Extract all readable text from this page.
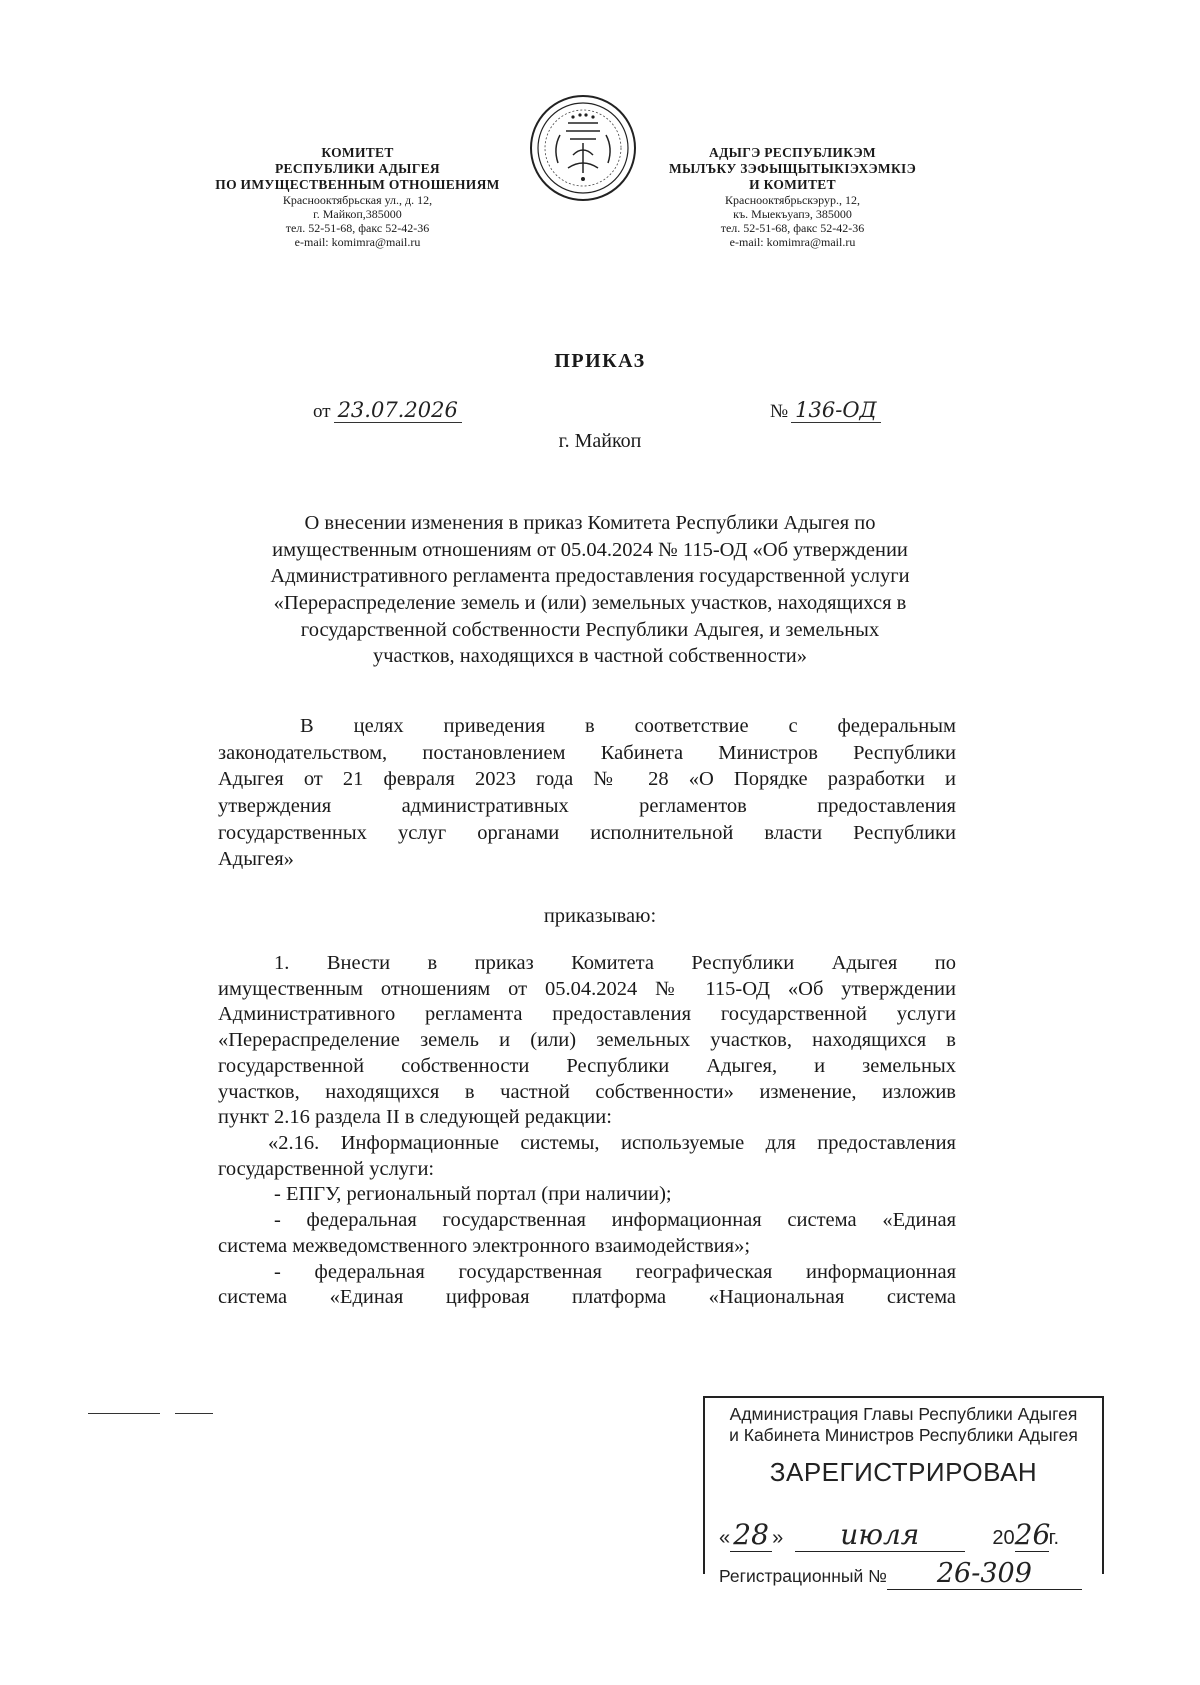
КОМИТЕТ
РЕСПУБЛИКИ АДЫГЕЯ
ПО ИМУЩЕСТВЕННЫМ ОТНОШЕНИЯМ
Краснооктябрьская ул., д. 12,
г. Майкоп,385000
тел. 52-51-68, факс 52-42-36
e-mail: komimra@mail.ru
АДЫГЭ РЕСПУБЛИКЭМ
МЫЛЪКУ ЗЭФЫЩЫТЫКIЭХЭМКIЭ
И КОМИТЕТ
Краснооктябрьскэрур., 12,
къ. Мыекъуапэ, 385000
тел. 52-51-68, факс 52-42-36
e-mail: komimra@mail.ru
ПРИКАЗ
от 23.07.2026	№ 136-ОД
г. Майкоп
О внесении изменения в приказ Комитета Республики Адыгея по
имущественным отношениям от 05.04.2024 № 115-ОД «Об утверждении
Административного регламента предоставления государственной услуги
«Перераспределение земель и (или) земельных участков, находящихся в
государственной собственности Республики Адыгея, и земельных
участков, находящихся в частной собственности»
В целях приведения в соответствие с федеральным
законодательством, постановлением Кабинета Министров Республики
Адыгея от 21 февраля 2023 года № 28 «О Порядке разработки и
утверждения административных регламентов предоставления
государственных услуг органами исполнительной власти Республики
Адыгея»
приказываю:
1. Внести в приказ Комитета Республики Адыгея по
имущественным отношениям от 05.04.2024 № 115-ОД «Об утверждении
Административного регламента предоставления государственной услуги
«Перераспределение земель и (или) земельных участков, находящихся в
государственной собственности Республики Адыгея, и земельных
участков, находящихся в частной собственности» изменение, изложив
пункт 2.16 раздела II в следующей редакции:
«2.16. Информационные системы, используемые для предоставления
государственной услуги:
- ЕПГУ, региональный портал (при наличии);
- федеральная государственная информационная система «Единая
система межведомственного электронного взаимодействия»;
- федеральная государственная географическая информационная
система «Единая цифровая платформа «Национальная система
Администрация Главы Республики Адыгея
и Кабинета Министров Республики Адыгея
ЗАРЕГИСТРИРОВАН
« 28 » июля	2026г.
Регистрационный № 26-309
